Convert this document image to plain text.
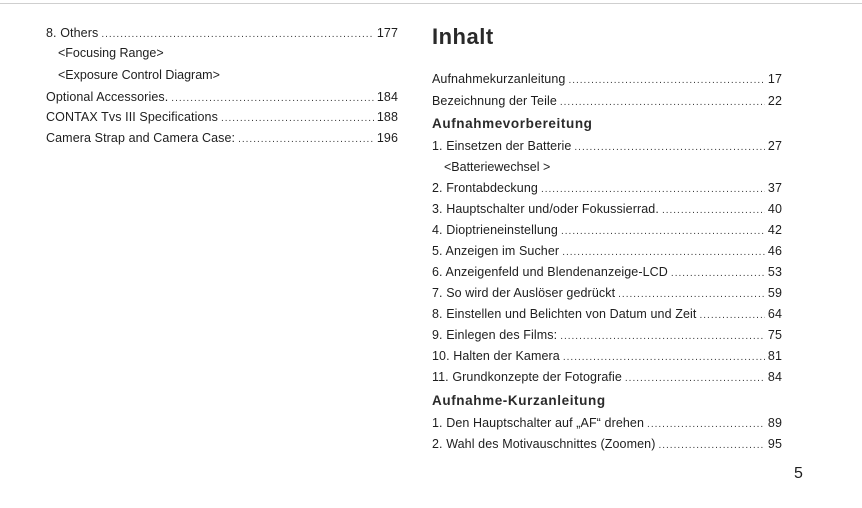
8. Others .....	177
<Focusing Range>
<Exposure Control Diagram>
Optional Accessories. .....	184
CONTAX Tvs III Specifications .....	188
Camera Strap and Camera Case: .....	196
Inhalt
Aufnahmekurzanleitung .....	17
Bezeichnung der Teile .....	22
Aufnahmevorbereitung
1. Einsetzen der Batterie .....	27
<Batteriewechsel >
2. Frontabdeckung .....	37
3. Hauptschalter und/oder Fokussierrad. .....	40
4. Dioptrieneinstellung .....	42
5. Anzeigen im Sucher .....	46
6. Anzeigenfeld und Blendenanzeige-LCD .....	53
7. So wird der Auslöser gedrückt .....	59
8. Einstellen und Belichten von Datum und Zeit .....	64
9. Einlegen des Films: .....	75
10. Halten der Kamera .....	81
11. Grundkonzepte der Fotografie .....	84
Aufnahme-Kurzanleitung
1. Den Hauptschalter auf „AF“ drehen .....	89
2. Wahl des Motivauschnittes (Zoomen) .....	95
5
